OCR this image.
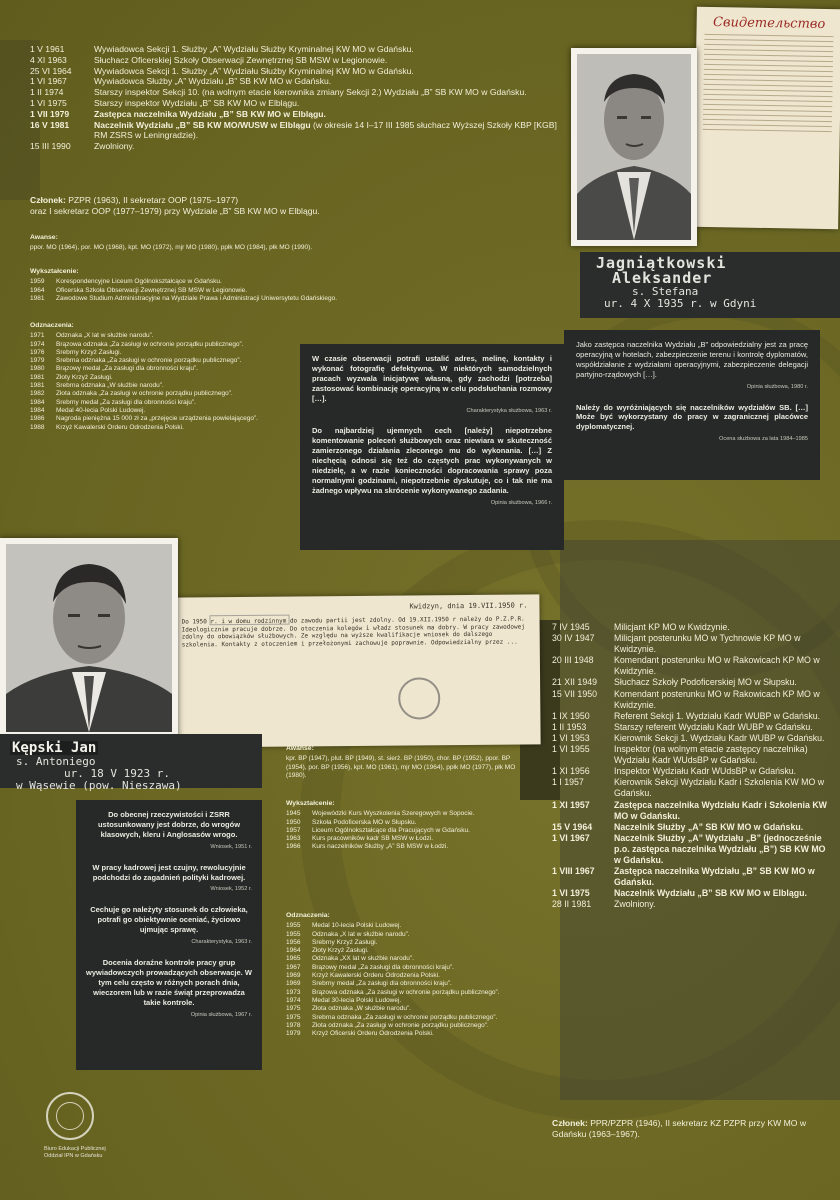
1 V 1961	Wywiadowca Sekcji 1. Służby „A” Wydziału Służby Kryminalnej KW MO w Gdańsku.
4 XI 1963	Słuchacz Oficerskiej Szkoły Obserwacji Zewnętrznej SB MSW w Legionowie.
25 VI 1964	Wywiadowca Sekcji 1. Służby „A” Wydziału Służby Kryminalnej KW MO w Gdańsku.
1 VI 1967	Wywiadowca Służby „A” Wydziału „B” SB KW MO w Gdańsku.
1 II 1974	Starszy inspektor Sekcji 10. (na wolnym etacie kierownika zmiany Sekcji 2.) Wydziału „B” SB KW MO w Gdańsku.
1 VI 1975	Starszy inspektor Wydziału „B” SB KW MO w Elblągu.
1 VII 1979	Zastępca naczelnika Wydziału „B” SB KW MO w Elblągu.
16 V 1981	Naczelnik Wydziału „B” SB KW MO/WUSW w Elblągu (w okresie 14 I–17 III 1985 słuchacz Wyższej Szkoły KBP [KGB] RM ZSRS w Leningradzie).
15 III 1990	Zwolniony.
Członek: PZPR (1963), II sekretarz OOP (1975–1977)
oraz I sekretarz OOP (1977–1979) przy Wydziale „B” SB KW MO w Elblągu.
Awanse:
ppor. MO (1964), por. MO (1968), kpt. MO (1972), mjr MO (1980), ppłk MO (1984), płk MO (1990).
Wykształcenie:
1959	Korespondencyjne Liceum Ogólnokształcące w Gdańsku.
1964	Oficerska Szkoła Obserwacji Zewnętrznej SB MSW w Legionowie.
1981	Zawodowe Studium Administracyjne na Wydziale Prawa i Administracji Uniwersytetu Gdańskiego.
Odznaczenia:
1971	Odznaka „X lat w służbie narodu”.
1974	Brązowa odznaka „Za zasługi w ochronie porządku publicznego”.
1976	Srebrny Krzyż Zasługi.
1979	Srebrna odznaka „Za zasługi w ochronie porządku publicznego”.
1980	Brązowy medal „Za zasługi dla obronności kraju”.
1981	Złoty Krzyż Zasługi.
1981	Srebrna odznaka „W służbie narodu”.
1982	Złota odznaka „Za zasługi w ochronie porządku publicznego”.
1984	Srebrny medal „Za zasługi dla obronności kraju”.
1984	Medal 40-lecia Polski Ludowej.
1986	Nagroda pieniężna 15 000 zł za „przejęcie urządzenia powielającego”.
1988	Krzyż Kawalerski Orderu Odrodzenia Polski.
Свидетельство
Jagniątkowski
Aleksander
s. Stefana
ur. 4 X 1935 r. w Gdyni
W czasie obserwacji potrafi ustalić adres, melinę, kontakty i wykonać fotografię defektywną. W niektórych samodzielnych pracach wyzwala inicjatywę własną, gdy zachodzi [potrzeba] zastosować kombinację operacyjną w celu podsłuchania rozmowy […].
Charakterystyka służbowa, 1963 r.
Do najbardziej ujemnych cech [należy] niepotrzebne komentowanie poleceń służbowych oraz niewiara w skuteczność zamierzonego działania zleconego mu do wykonania. […] Z niechęcią odnosi się też do częstych prac wykonywanych w niedzielę, a w razie konieczności dopracowania sprawy poza normalnymi godzinami, niepotrzebnie dyskutuje, co i tak nie ma żadnego wpływu na skrócenie wykonywanego zadania.
Opinia służbowa, 1966 r.
Jako zastępca naczelnika Wydziału „B” odpowiedzialny jest za pracę operacyjną w hotelach, zabezpieczenie terenu i kontrolę dyplomatów, współdziałanie z wydziałami operacyjnymi, zabezpieczenie delegacji partyjno-rządowych […].
Opinia służbowa, 1980 r.
Należy do wyróżniających się naczelników wydziałów SB. […] Może być wykorzystany do pracy w zagranicznej placówce dyplomatycznej.
Ocena służbowa za lata 1984–1985
Kwidzyn, dnia 19.VII.1950 r.
Do 1950 r. i w domu rodzinnym do zawodu partii jest zdolny. Od 19.XII.1950 r należy do P.Z.P.R. Ideologicznie pracuje dobrze. Do otoczenia kolegów i władz stosunek ma dobry. W pracy zawodowej zdolny do obowiązków służbowych. Ze względu na wyższe kwalifikacje wniosek do dalszego szkolenia. Kontakty z otoczeniem i przełożonymi zachowuje poprawnie. Odpowiedzialny przez ...
Kępski Jan
s. Antoniego
ur. 18 V 1923 r.
w Wąsewie (pow. Nieszawa)
Do obecnej rzeczywistości i ZSRR ustosunkowany jest dobrze, do wrogów klasowych, kleru i Anglosasów wrogo.
Wniosek, 1951 r.
W pracy kadrowej jest czujny, rewolucyjnie podchodzi do zagadnień polityki kadrowej.
Wniosek, 1952 r.
Cechuje go należyty stosunek do człowieka, potrafi go obiektywnie oceniać, życiowo ujmując sprawę.
Charakterystyka, 1963 r.
Docenia doraźne kontrole pracy grup wywiadowczych prowadzących obserwacje. W tym celu często w różnych porach dnia, wieczorem lub w razie świąt przeprowadza takie kontrole.
Opinia służbowa, 1967 r.
Awanse:
kpr. BP (1947), plut. BP (1949), st. sierż. BP (1950), chor. BP (1952), ppor. BP (1954), por. BP (1956), kpt. MO (1961), mjr MO (1964), ppłk MO (1977), płk MO (1980).
Wykształcenie:
1945	Wojewódzki Kurs Wyszkolenia Szeregowych w Sopocie.
1950	Szkoła Podoficerska MO w Słupsku.
1957	Liceum Ogólnokształcące dla Pracujących w Gdańsku.
1963	Kurs pracowników kadr SB MSW w Łodzi.
1966	Kurs naczelników Służby „A” SB MSW w Łodzi.
Odznaczenia:
1955	Medal 10-lecia Polski Ludowej.
1955	Odznaka „X lat w służbie narodu”.
1956	Srebrny Krzyż Zasługi.
1964	Złoty Krzyż Zasługi.
1965	Odznaka „XX lat w służbie narodu”.
1967	Brązowy medal „Za zasługi dla obronności kraju”.
1969	Krzyż Kawalerski Orderu Odrodzenia Polski.
1969	Srebrny medal „Za zasługi dla obronności kraju”.
1973	Brązowa odznaka „Za zasługi w ochronie porządku publicznego”.
1974	Medal 30-lecia Polski Ludowej.
1975	Złota odznaka „W służbie narodu”.
1975	Srebrna odznaka „Za zasługi w ochronie porządku publicznego”.
1978	Złota odznaka „Za zasługi w ochronie porządku publicznego”.
1979	Krzyż Oficerski Orderu Odrodzenia Polski.
7 IV 1945	Milicjant KP MO w Kwidzynie.
30 IV 1947	Milicjant posterunku MO w Tychnowie KP MO w Kwidzynie.
20 III 1948	Komendant posterunku MO w Rakowicach KP MO w Kwidzynie.
21 XII 1949	Słuchacz Szkoły Podoficerskiej MO w Słupsku.
15 VII 1950	Komendant posterunku MO w Rakowicach KP MO w Kwidzynie.
1 IX 1950	Referent Sekcji 1. Wydziału Kadr WUBP w Gdańsku.
1 II 1953	Starszy referent Wydziału Kadr WUBP w Gdańsku.
1 VI 1953	Kierownik Sekcji 1. Wydziału Kadr WUBP w Gdańsku.
1 VI 1955	Inspektor (na wolnym etacie zastępcy naczelnika) Wydziału Kadr WUdsBP w Gdańsku.
1 XI 1956	Inspektor Wydziału Kadr WUdsBP w Gdańsku.
1 I 1957	Kierownik Sekcji Wydziału Kadr i Szkolenia KW MO w Gdańsku.
1 XI 1957	Zastępca naczelnika Wydziału Kadr i Szkolenia KW MO w Gdańsku.
15 V 1964	Naczelnik Służby „A” SB KW MO w Gdańsku.
1 VI 1967	Naczelnik Służby „A” Wydziału „B” (jednocześnie p.o. zastępca naczelnika Wydziału „B”) SB KW MO w Gdańsku.
1 VIII 1967	Zastępca naczelnika Wydziału „B” SB KW MO w Gdańsku.
1 VI 1975	Naczelnik Wydziału „B” SB KW MO w Elblągu.
28 II 1981	Zwolniony.
Członek: PPR/PZPR (1946), II sekretarz KZ PZPR przy KW MO w Gdańsku (1963–1967).
Biuro Edukacji Publicznej
Oddział IPN w Gdańsku
